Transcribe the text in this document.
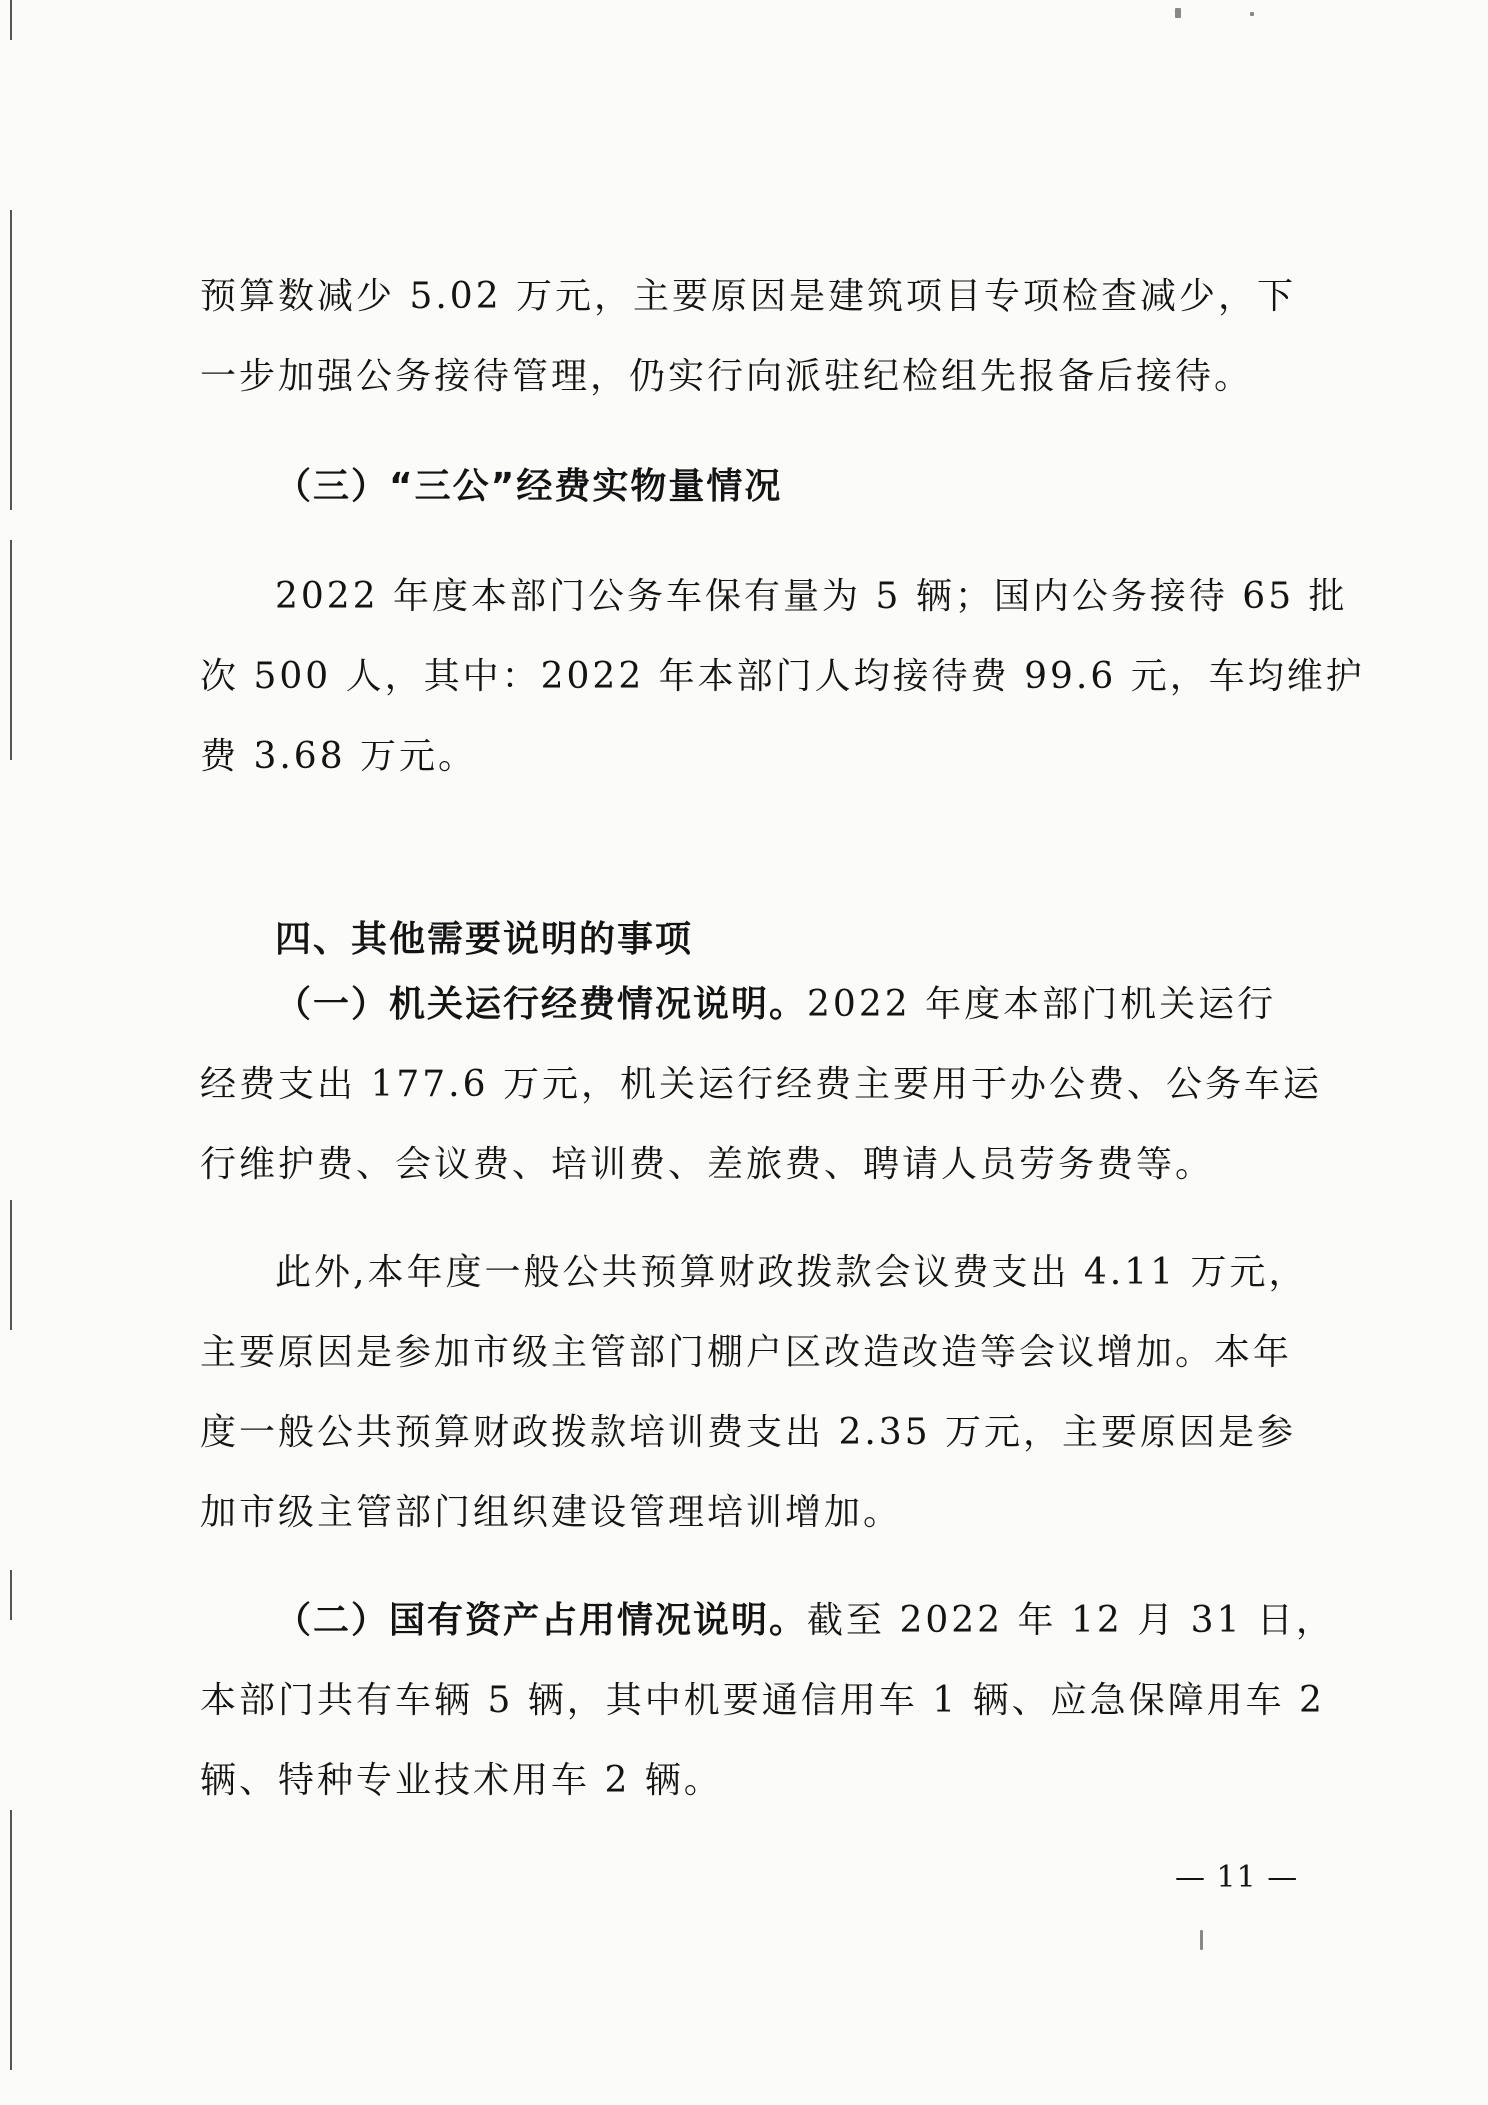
预算数减少 5.02 万元，主要原因是建筑项目专项检查减少，下
一步加强公务接待管理，仍实行向派驻纪检组先报备后接待。
（三）“三公”经费实物量情况
2022 年度本部门公务车保有量为 5 辆；国内公务接待 65 批
次 500 人，其中：2022 年本部门人均接待费 99.6 元，车均维护
费 3.68 万元。
四、其他需要说明的事项
（一）机关运行经费情况说明。2022 年度本部门机关运行
经费支出 177.6 万元，机关运行经费主要用于办公费、公务车运
行维护费、会议费、培训费、差旅费、聘请人员劳务费等。
此外,本年度一般公共预算财政拨款会议费支出 4.11 万元，
主要原因是参加市级主管部门棚户区改造改造等会议增加。本年
度一般公共预算财政拨款培训费支出 2.35 万元，主要原因是参
加市级主管部门组织建设管理培训增加。
（二）国有资产占用情况说明。截至 2022 年 12 月 31 日，
本部门共有车辆 5 辆，其中机要通信用车 1 辆、应急保障用车 2
辆、特种专业技术用车 2 辆。
— 11 —
